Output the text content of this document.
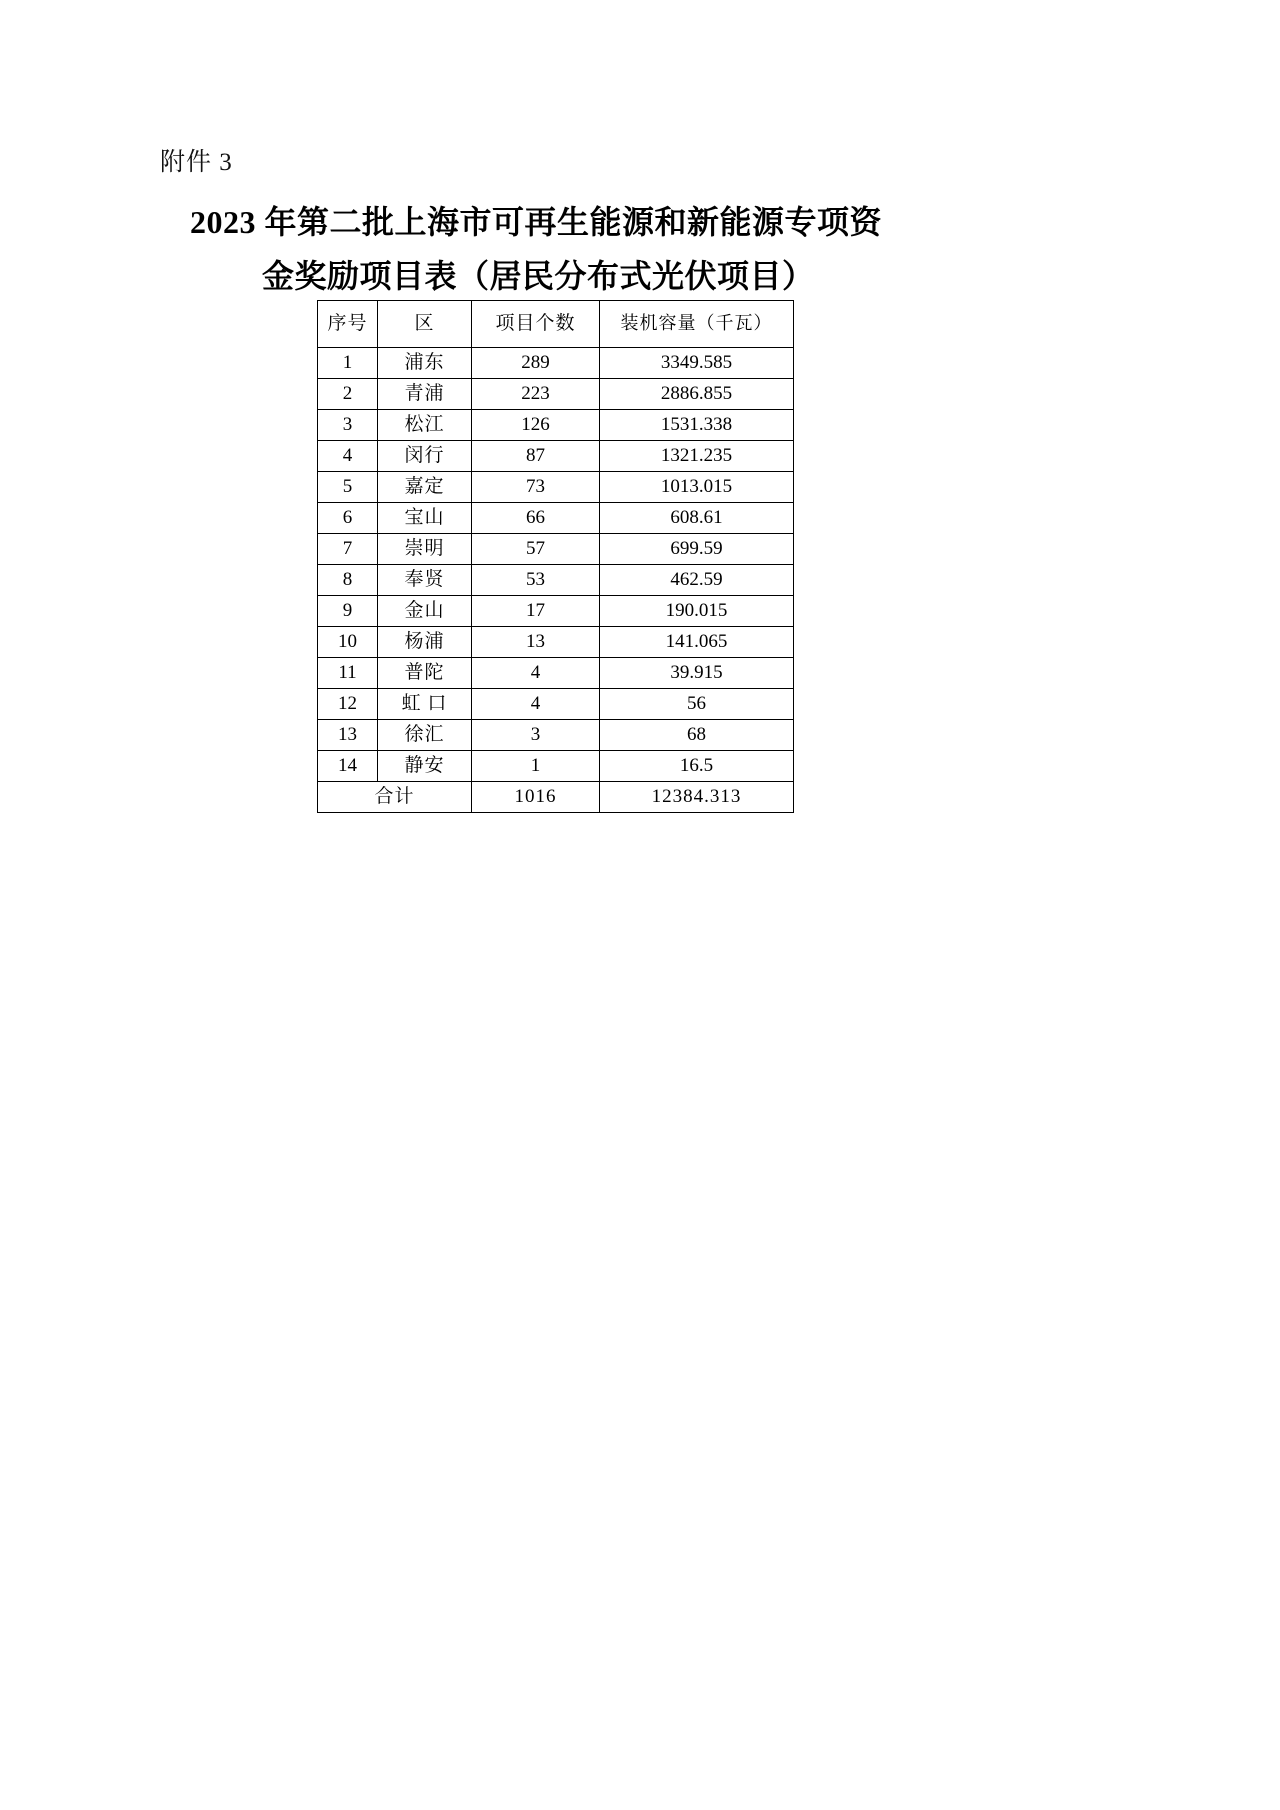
附件 3
2023 年第二批上海市可再生能源和新能源专项资
金奖励项目表（居民分布式光伏项目）
序号	区	项目个数	装机容量（千瓦）
1	浦东	289	3349.585
2	青浦	223	2886.855
3	松江	126	1531.338
4	闵行	87	1321.235
5	嘉定	73	1013.015
6	宝山	66	608.61
7	崇明	57	699.59
8	奉贤	53	462.59
9	金山	17	190.015
10	杨浦	13	141.065
11	普陀	4	39.915
12	虹 口	4	56
13	徐汇	3	68
14	静安	1	16.5
合计		1016	12384.313
